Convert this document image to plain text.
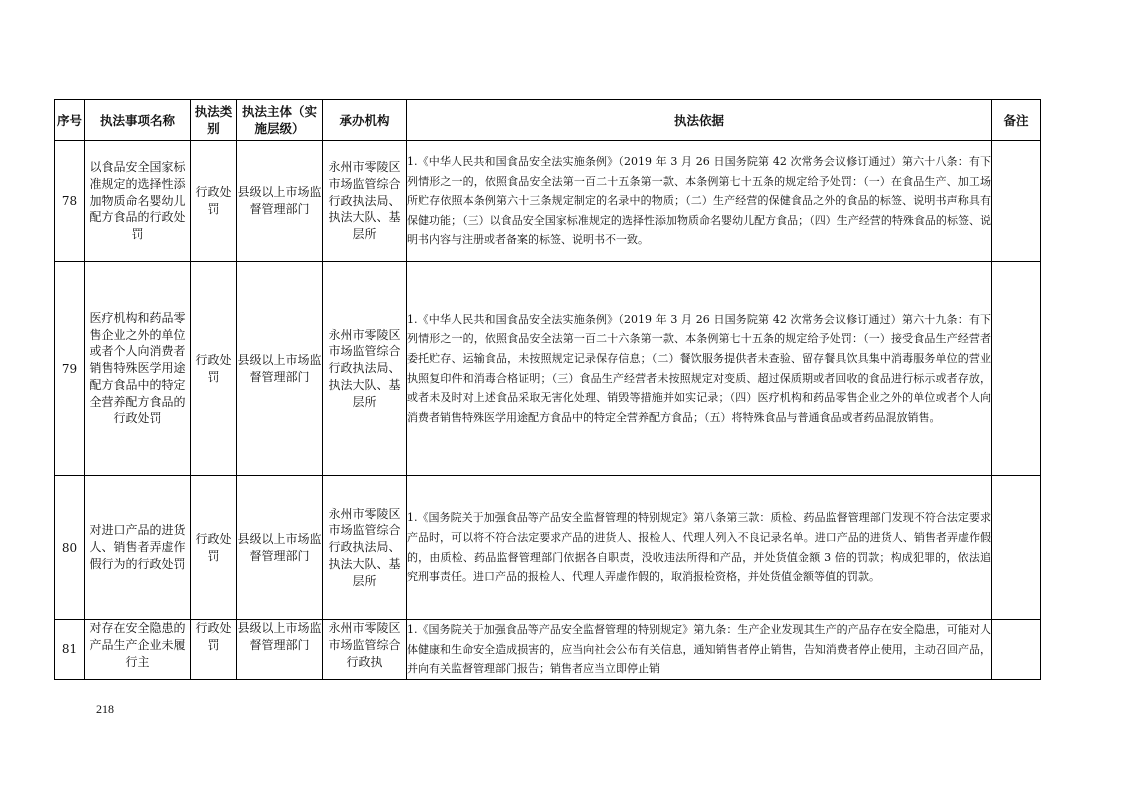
序号	执法事项名称	执法类别	执法主体（实施层级）	承办机构	执法依据	备注
78	以食品安全国家标准规定的选择性添加物质命名婴幼儿配方食品的行政处罚	行政处罚	县级以上市场监督管理部门	永州市零陵区市场监管综合行政执法局、执法大队、基层所	1.《中华人民共和国食品安全法实施条例》（2019 年 3 月 26 日国务院第 42 次常务会议修订通过）第六十八条：有下列情形之一的，依照食品安全法第一百二十五条第一款、本条例第七十五条的规定给予处罚：（一）在食品生产、加工场所贮存依照本条例第六十三条规定制定的名录中的物质；（二）生产经营的保健食品之外的食品的标签、说明书声称具有保健功能；（三）以食品安全国家标准规定的选择性添加物质命名婴幼儿配方食品；（四）生产经营的特殊食品的标签、说明书内容与注册或者备案的标签、说明书不一致。	
79	医疗机构和药品零售企业之外的单位或者个人向消费者销售特殊医学用途配方食品中的特定全营养配方食品的行政处罚	行政处罚	县级以上市场监督管理部门	永州市零陵区市场监管综合行政执法局、执法大队、基层所	1.《中华人民共和国食品安全法实施条例》（2019 年 3 月 26 日国务院第 42 次常务会议修订通过）第六十九条：有下列情形之一的，依照食品安全法第一百二十六条第一款、本条例第七十五条的规定给予处罚：（一）接受食品生产经营者委托贮存、运输食品，未按照规定记录保存信息；（二）餐饮服务提供者未查验、留存餐具饮具集中消毒服务单位的营业执照复印件和消毒合格证明；（三）食品生产经营者未按照规定对变质、超过保质期或者回收的食品进行标示或者存放，或者未及时对上述食品采取无害化处理、销毁等措施并如实记录；（四）医疗机构和药品零售企业之外的单位或者个人向消费者销售特殊医学用途配方食品中的特定全营养配方食品；（五）将特殊食品与普通食品或者药品混放销售。	
80	对进口产品的进货人、销售者弄虚作假行为的行政处罚	行政处罚	县级以上市场监督管理部门	永州市零陵区市场监管综合行政执法局、执法大队、基层所	1.《国务院关于加强食品等产品安全监督管理的特别规定》第八条第三款：质检、药品监督管理部门发现不符合法定要求产品时，可以将不符合法定要求产品的进货人、报检人、代理人列入不良记录名单。进口产品的进货人、销售者弄虚作假的，由质检、药品监督管理部门依据各自职责，没收违法所得和产品，并处货值金额 3 倍的罚款；构成犯罪的，依法追究刑事责任。进口产品的报检人、代理人弄虚作假的，取消报检资格，并处货值金额等值的罚款。	
81	对存在安全隐患的产品生产企业未履行主	行政处罚	县级以上市场监督管理部门	永州市零陵区市场监管综合行政执	1.《国务院关于加强食品等产品安全监督管理的特别规定》第九条：生产企业发现其生产的产品存在安全隐患，可能对人体健康和生命安全造成损害的，应当向社会公布有关信息，通知销售者停止销售，告知消费者停止使用，主动召回产品，并向有关监督管理部门报告；销售者应当立即停止销	
218
